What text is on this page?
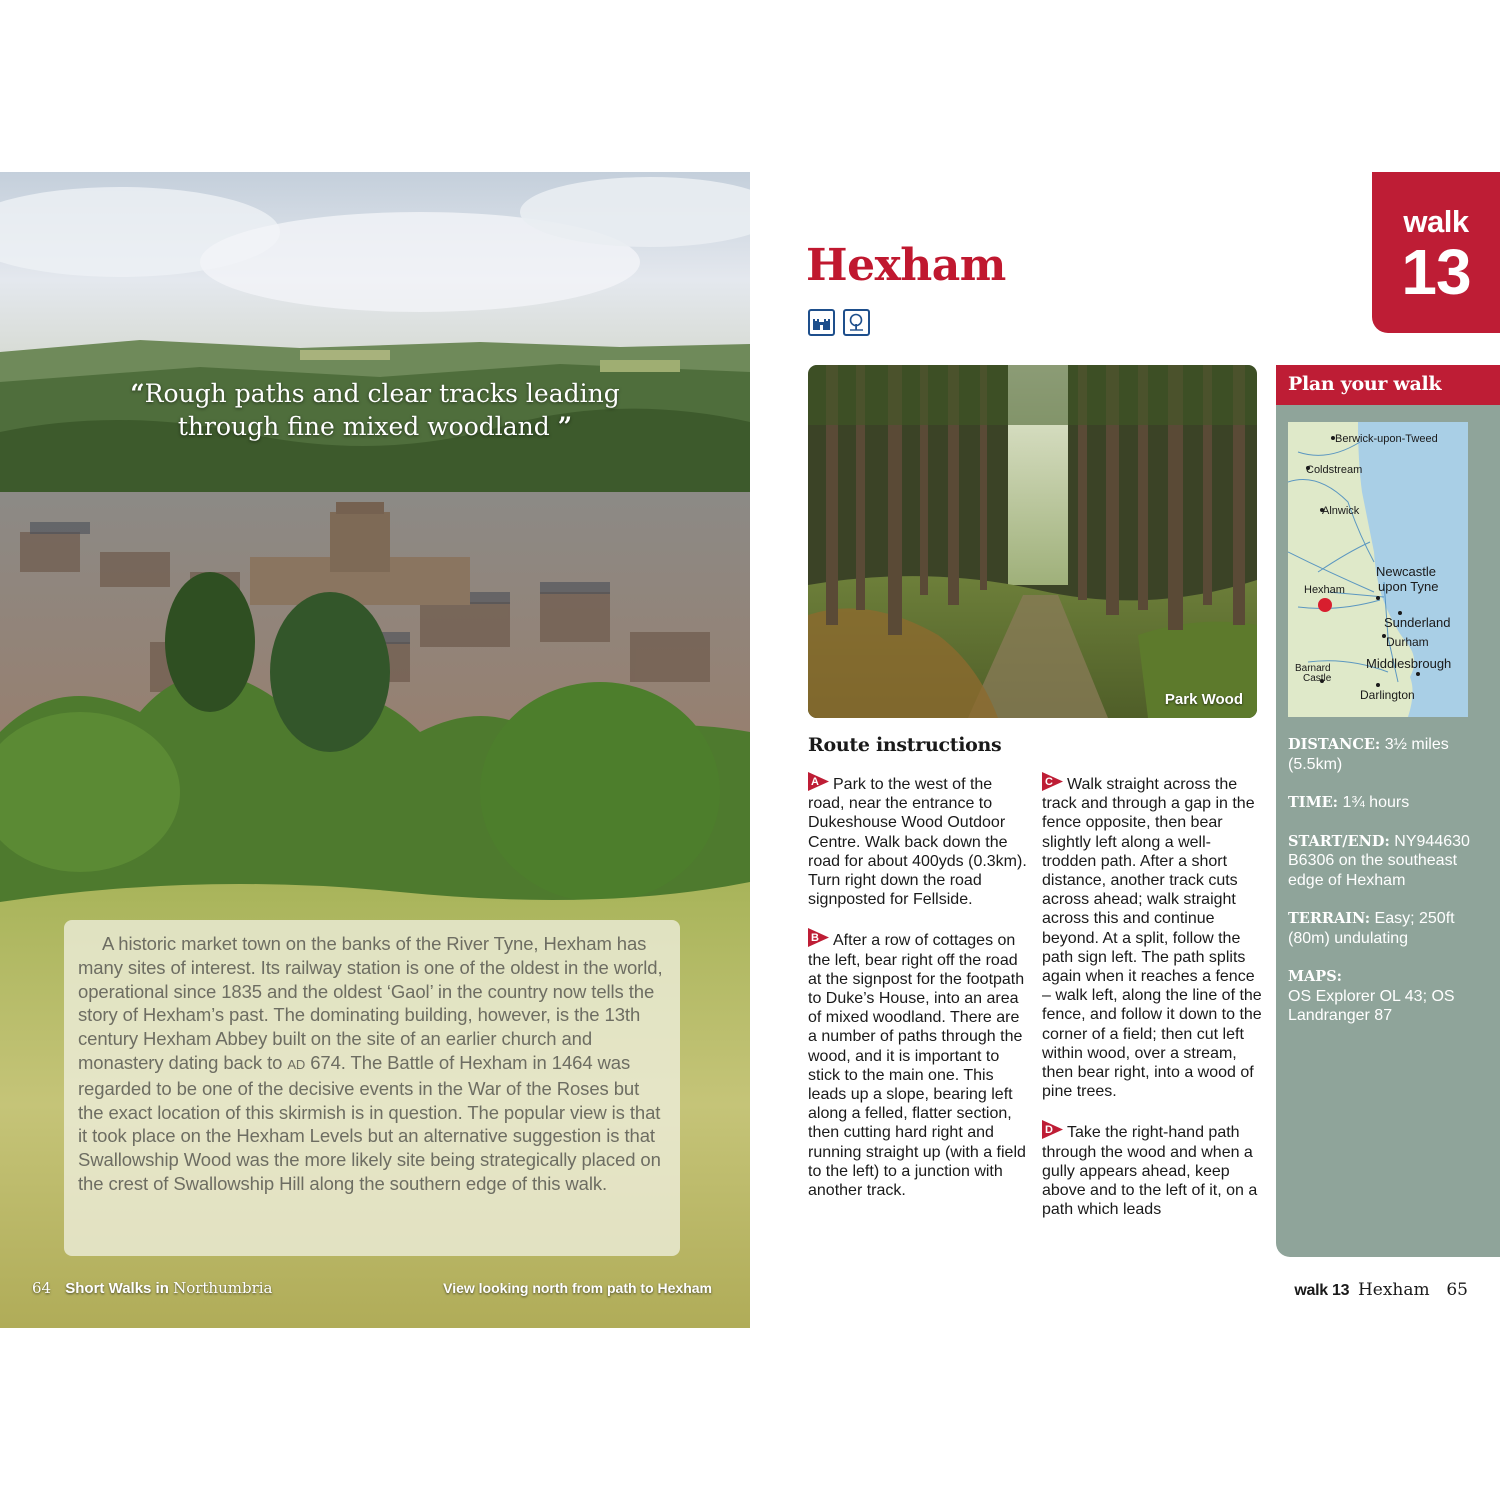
“Rough paths and clear tracks leading through fine mixed woodland ”

A historic market town on the banks of the River Tyne, Hexham has many sites of interest. Its railway station is one of the oldest in the world, operational since 1835 and the oldest ‘Gaol’ in the country now tells the story of Hexham’s past. The dominating building, however, is the 13th century Hexham Abbey built on the site of an earlier church and monastery dating back to AD 674. The Battle of Hexham in 1464 was regarded to be one of the decisive events in the War of the Roses but the exact location of this skirmish is in question. The popular view is that it took place on the Hexham Levels but an alternative suggestion is that Swallowship Wood was the more likely site being strategically placed on the crest of Swallowship Hill along the southern edge of this walk.

64 Short Walks in Northumbria	View looking north from path to Hexham
walk
13
Hexham
Park Wood
Route instructions

A Park to the west of the road, near the entrance to Dukeshouse Wood Outdoor Centre. Walk back down the road for about 400yds (0.3km). Turn right down the road signposted for Fellside.

B After a row of cottages on the left, bear right off the road at the signpost for the footpath to Duke’s House, into an area of mixed woodland. There are a number of paths through the wood, and it is important to stick to the main one. This leads up a slope, bearing left along a felled, flatter section, then cutting hard right and running straight up (with a field to the left) to a junction with another track.

C Walk straight across the track and through a gap in the fence opposite, then bear slightly left along a well-trodden path. After a short distance, another track cuts across ahead; walk straight across this and continue beyond. At a split, follow the path sign left. The path splits again when it reaches a fence – walk left, along the line of the fence, and follow it down to the corner of a field; then cut left within wood, over a stream, then bear right, into a wood of pine trees.

D Take the right-hand path through the wood and when a gully appears ahead, keep above and to the left of it, on a path which leads

Plan your walk
Berwick-upon-Tweed
Coldstream
Alnwick
Newcastle
upon Tyne
Hexham
Sunderland
Durham
Barnard
Castle
Middlesbrough
Darlington

DISTANCE: 3½ miles (5.5km)

TIME: 1¾ hours

START/END: NY944630 B6306 on the southeast edge of Hexham

TERRAIN: Easy; 250ft (80m) undulating

MAPS:
OS Explorer OL 43; OS Landranger 87

walk 13 Hexham 65
